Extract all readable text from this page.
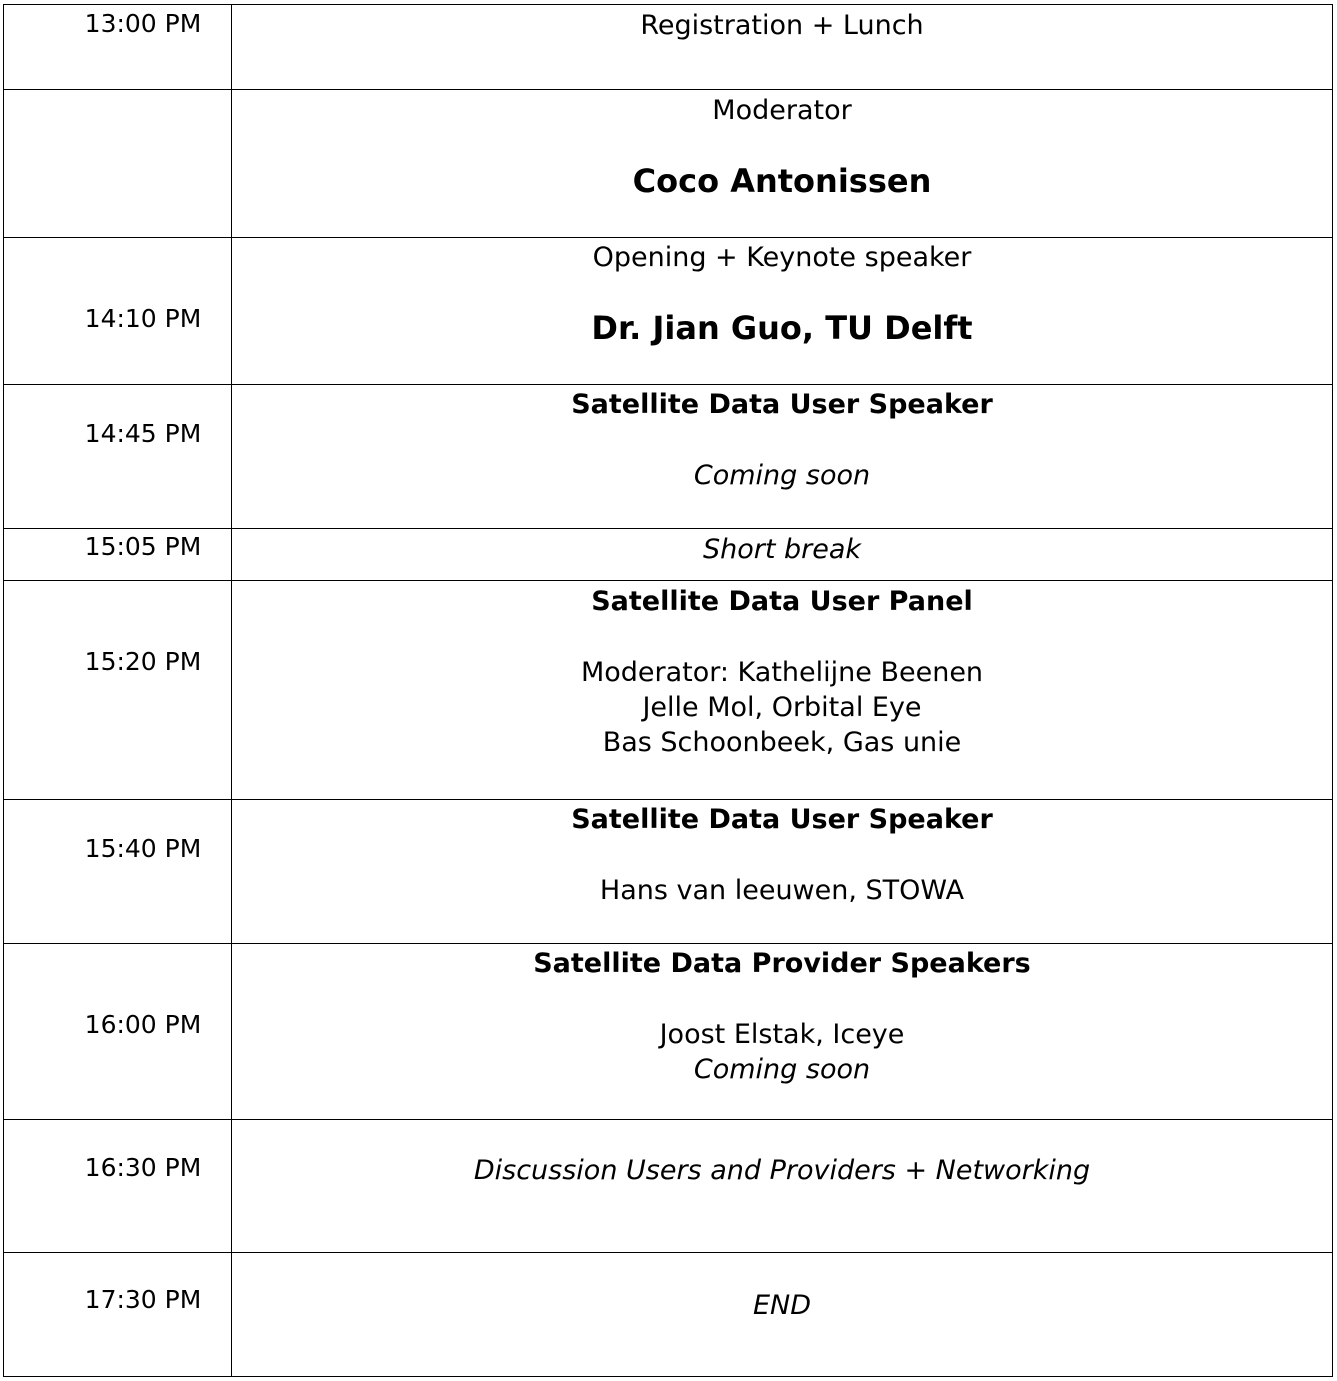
13:00 PM	Registration + Lunch

	Moderator
Coco Antonissen

14:10 PM	Opening + Keynote speaker
Dr. Jian Guo, TU Delft

14:45 PM	Satellite Data User Speaker
Coming soon

15:05 PM	Short break

15:20 PM	Satellite Data User Panel
Moderator: Kathelijne Beenen
Jelle Mol, Orbital Eye
Bas Schoonbeek, Gas unie

15:40 PM	Satellite Data User Speaker
Hans van leeuwen, STOWA

16:00 PM	Satellite Data Provider Speakers
Joost Elstak, Iceye
Coming soon

16:30 PM	Discussion Users and Providers + Networking

17:30 PM	END
